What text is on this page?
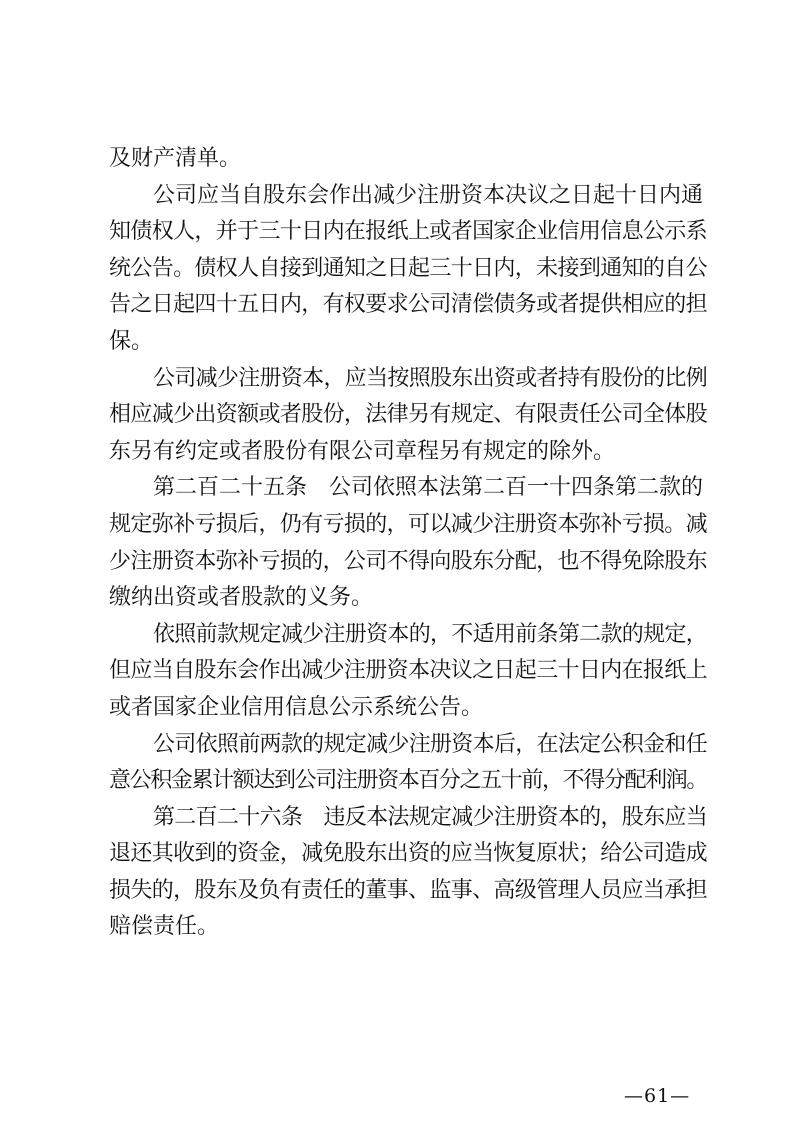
及财产清单。
公司应当自股东会作出减少注册资本决议之日起十日内通
知债权人，并于三十日内在报纸上或者国家企业信用信息公示系
统公告。债权人自接到通知之日起三十日内，未接到通知的自公
告之日起四十五日内，有权要求公司清偿债务或者提供相应的担
保。
公司减少注册资本，应当按照股东出资或者持有股份的比例
相应减少出资额或者股份，法律另有规定、有限责任公司全体股
东另有约定或者股份有限公司章程另有规定的除外。
第二百二十五条　公司依照本法第二百一十四条第二款的
规定弥补亏损后，仍有亏损的，可以减少注册资本弥补亏损。减
少注册资本弥补亏损的，公司不得向股东分配，也不得免除股东
缴纳出资或者股款的义务。
依照前款规定减少注册资本的，不适用前条第二款的规定，
但应当自股东会作出减少注册资本决议之日起三十日内在报纸上
或者国家企业信用信息公示系统公告。
公司依照前两款的规定减少注册资本后，在法定公积金和任
意公积金累计额达到公司注册资本百分之五十前，不得分配利润。
第二百二十六条　违反本法规定减少注册资本的，股东应当
退还其收到的资金，减免股东出资的应当恢复原状；给公司造成
损失的，股东及负有责任的董事、监事、高级管理人员应当承担
赔偿责任。
—61—
